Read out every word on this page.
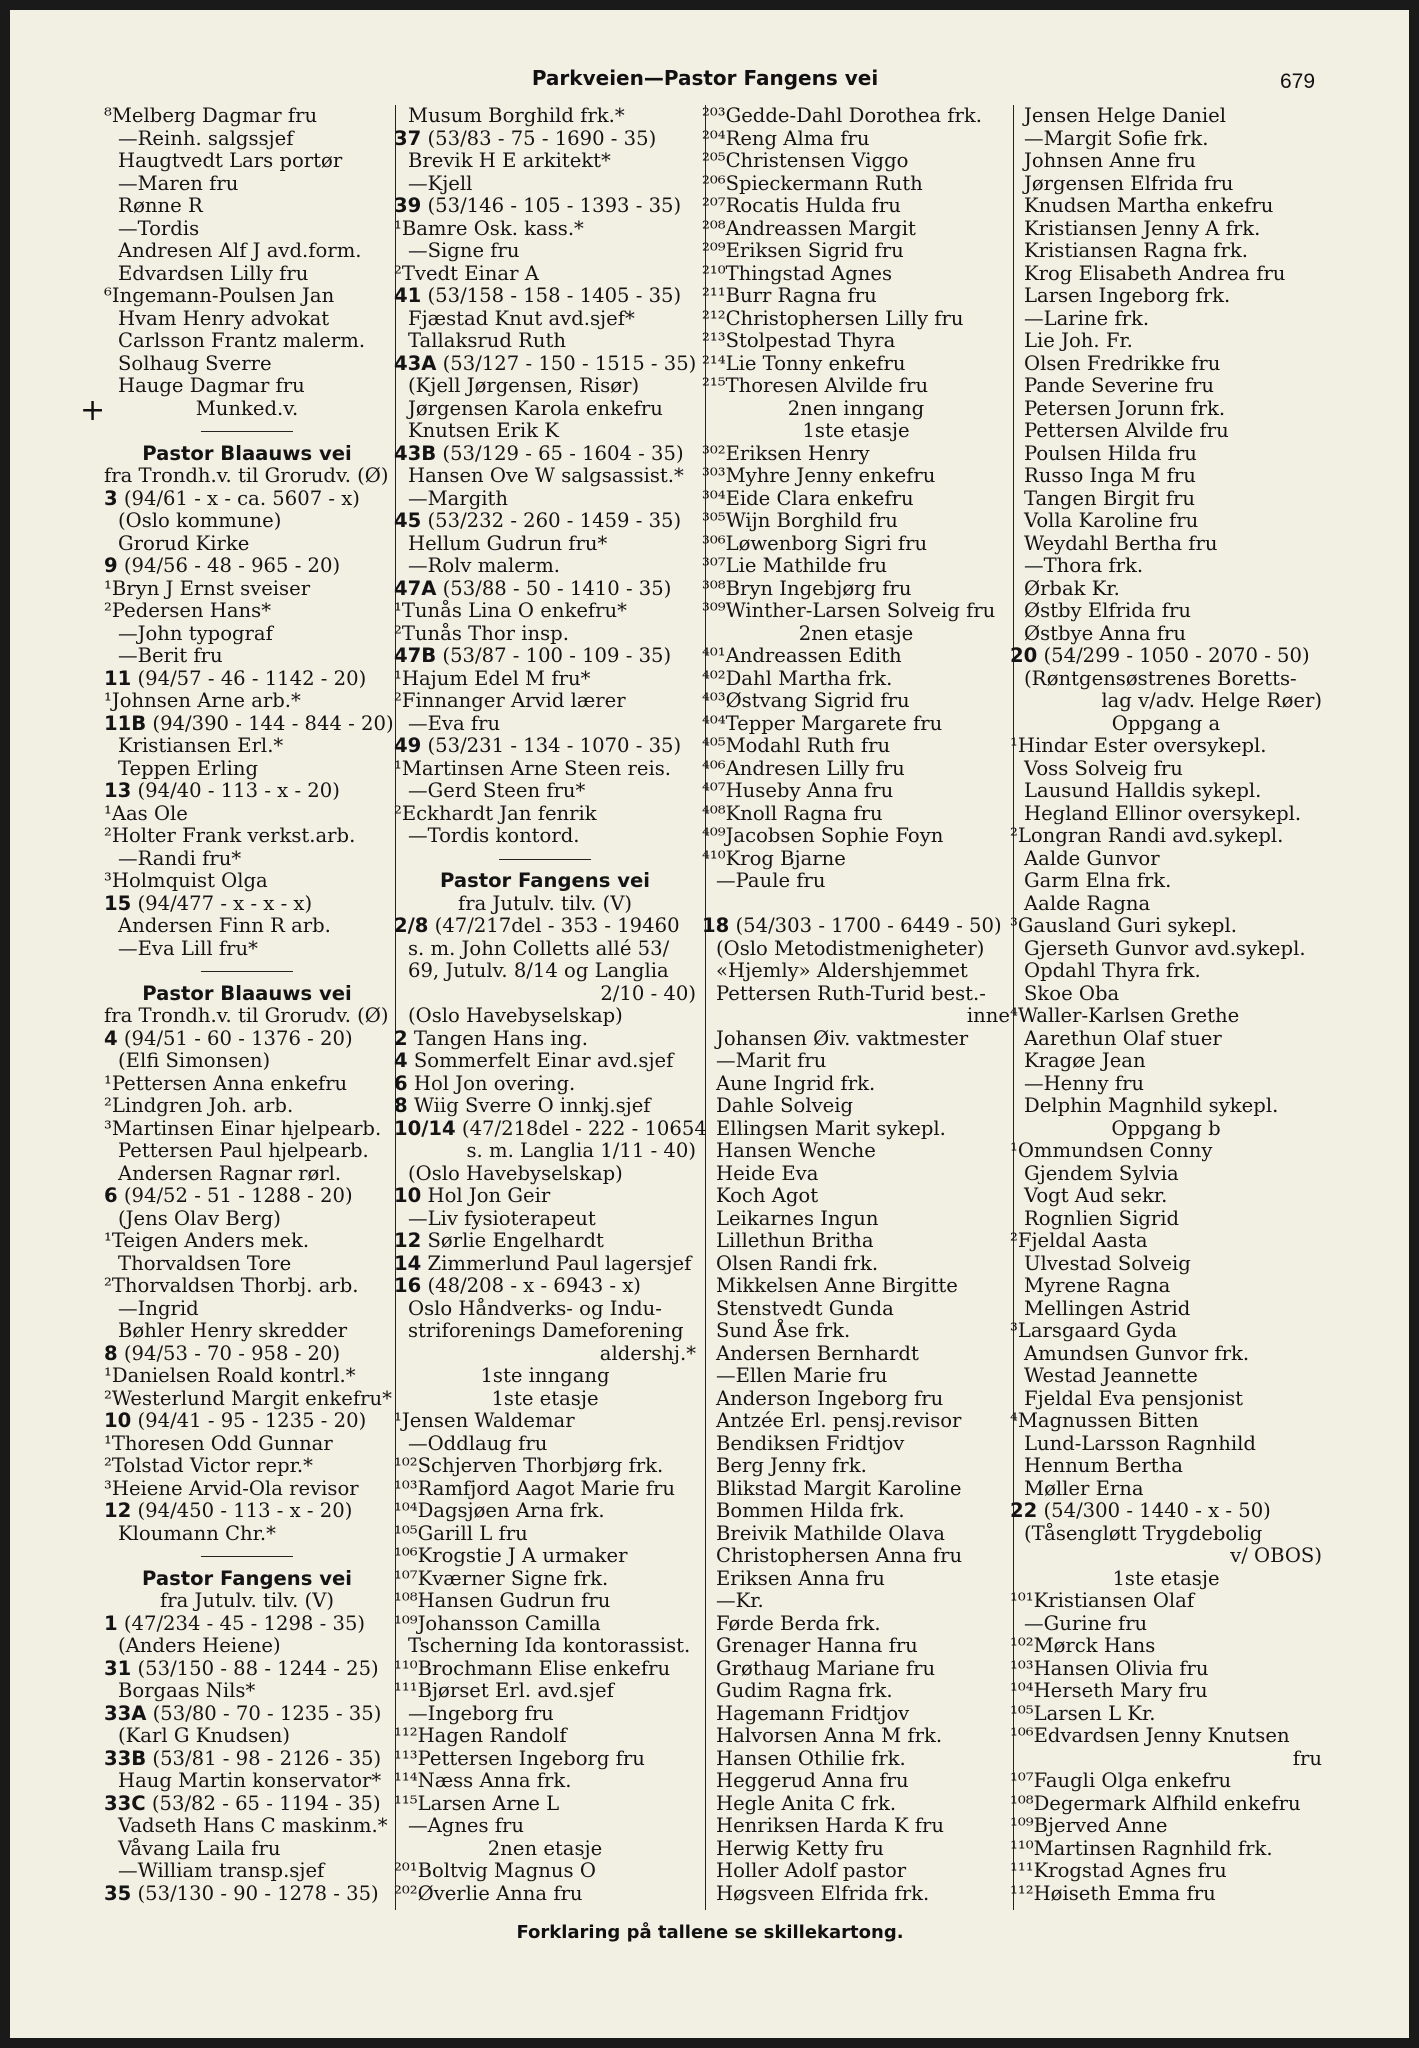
Parkveien—Pastor Fangens vei	679
+
⁸Melberg Dagmar fru
—Reinh. salgssjef
Haugtvedt Lars portør
—Maren fru
Rønne R
—Tordis
Andresen Alf J avd.form.
Edvardsen Lilly fru
⁶Ingemann-Poulsen Jan
Hvam Henry advokat
Carlsson Frantz malerm.
Solhaug Sverre
Hauge Dagmar fru
Munked.v.
Pastor Blaauws vei
fra Trondh.v. til Grorudv. (Ø)
3 (94/61 - x - ca. 5607 - x)
(Oslo kommune)
Grorud Kirke
9 (94/56 - 48 - 965 - 20)
¹Bryn J Ernst sveiser
²Pedersen Hans*
—John typograf
—Berit fru
11 (94/57 - 46 - 1142 - 20)
¹Johnsen Arne arb.*
11B (94/390 - 144 - 844 - 20)
Kristiansen Erl.*
Teppen Erling
13 (94/40 - 113 - x - 20)
¹Aas Ole
²Holter Frank verkst.arb.
—Randi fru*
³Holmquist Olga
15 (94/477 - x - x - x)
Andersen Finn R arb.
—Eva Lill fru*
Pastor Blaauws vei
fra Trondh.v. til Grorudv. (Ø)
4 (94/51 - 60 - 1376 - 20)
(Elfi Simonsen)
¹Pettersen Anna enkefru
²Lindgren Joh. arb.
³Martinsen Einar hjelpearb.
Pettersen Paul hjelpearb.
Andersen Ragnar rørl.
6 (94/52 - 51 - 1288 - 20)
(Jens Olav Berg)
¹Teigen Anders mek.
Thorvaldsen Tore
²Thorvaldsen Thorbj. arb.
—Ingrid
Bøhler Henry skredder
8 (94/53 - 70 - 958 - 20)
¹Danielsen Roald kontrl.*
²Westerlund Margit enkefru*
10 (94/41 - 95 - 1235 - 20)
¹Thoresen Odd Gunnar
²Tolstad Victor repr.*
³Heiene Arvid-Ola revisor
12 (94/450 - 113 - x - 20)
Kloumann Chr.*
Pastor Fangens vei
fra Jutulv. tilv. (V)
1 (47/234 - 45 - 1298 - 35)
(Anders Heiene)
31 (53/150 - 88 - 1244 - 25)
Borgaas Nils*
33A (53/80 - 70 - 1235 - 35)
(Karl G Knudsen)
33B (53/81 - 98 - 2126 - 35)
Haug Martin konservator*
33C (53/82 - 65 - 1194 - 35)
Vadseth Hans C maskinm.*
Våvang Laila fru
—William transp.sjef
35 (53/130 - 90 - 1278 - 35)
Musum Borghild frk.*
37 (53/83 - 75 - 1690 - 35)
Brevik H E arkitekt*
—Kjell
39 (53/146 - 105 - 1393 - 35)
¹Bamre Osk. kass.*
—Signe fru
²Tvedt Einar A
41 (53/158 - 158 - 1405 - 35)
Fjæstad Knut avd.sjef*
Tallaksrud Ruth
43A (53/127 - 150 - 1515 - 35)
(Kjell Jørgensen, Risør)
Jørgensen Karola enkefru
Knutsen Erik K
43B (53/129 - 65 - 1604 - 35)
Hansen Ove W salgsassist.*
—Margith
45 (53/232 - 260 - 1459 - 35)
Hellum Gudrun fru*
—Rolv malerm.
47A (53/88 - 50 - 1410 - 35)
¹Tunås Lina O enkefru*
²Tunås Thor insp.
47B (53/87 - 100 - 109 - 35)
¹Hajum Edel M fru*
²Finnanger Arvid lærer
—Eva fru
49 (53/231 - 134 - 1070 - 35)
¹Martinsen Arne Steen reis.
—Gerd Steen fru*
²Eckhardt Jan fenrik
—Tordis kontord.
Pastor Fangens vei
fra Jutulv. tilv. (V)
2/8 (47/217del - 353 - 19460
s. m. John Colletts allé 53/
69, Jutulv. 8/14 og Langlia
2/10 - 40)
(Oslo Havebyselskap)
2 Tangen Hans ing.
4 Sommerfelt Einar avd.sjef
6 Hol Jon overing.
8 Wiig Sverre O innkj.sjef
10/14 (47/218del - 222 - 10654
s. m. Langlia 1/11 - 40)
(Oslo Havebyselskap)
10 Hol Jon Geir
—Liv fysioterapeut
12 Sørlie Engelhardt
14 Zimmerlund Paul lagersjef
16 (48/208 - x - 6943 - x)
Oslo Håndverks- og Indu-
striforenings Dameforening
aldershj.*
1ste inngang
1ste etasje
¹Jensen Waldemar
—Oddlaug fru
¹⁰²Schjerven Thorbjørg frk.
¹⁰³Ramfjord Aagot Marie fru
¹⁰⁴Dagsjøen Arna frk.
¹⁰⁵Garill L fru
¹⁰⁶Krogstie J A urmaker
¹⁰⁷Kværner Signe frk.
¹⁰⁸Hansen Gudrun fru
¹⁰⁹Johansson Camilla
Tscherning Ida kontorassist.
¹¹⁰Brochmann Elise enkefru
¹¹¹Bjørset Erl. avd.sjef
—Ingeborg fru
¹¹²Hagen Randolf
¹¹³Pettersen Ingeborg fru
¹¹⁴Næss Anna frk.
¹¹⁵Larsen Arne L
—Agnes fru
2nen etasje
²⁰¹Boltvig Magnus O
²⁰²Øverlie Anna fru
²⁰³Gedde-Dahl Dorothea frk.
²⁰⁴Reng Alma fru
²⁰⁵Christensen Viggo
²⁰⁶Spieckermann Ruth
²⁰⁷Rocatis Hulda fru
²⁰⁸Andreassen Margit
²⁰⁹Eriksen Sigrid fru
²¹⁰Thingstad Agnes
²¹¹Burr Ragna fru
²¹²Christophersen Lilly fru
²¹³Stolpestad Thyra
²¹⁴Lie Tonny enkefru
²¹⁵Thoresen Alvilde fru
2nen inngang
1ste etasje
³⁰²Eriksen Henry
³⁰³Myhre Jenny enkefru
³⁰⁴Eide Clara enkefru
³⁰⁵Wijn Borghild fru
³⁰⁶Løwenborg Sigri fru
³⁰⁷Lie Mathilde fru
³⁰⁸Bryn Ingebjørg fru
³⁰⁹Winther-Larsen Solveig fru
2nen etasje
⁴⁰¹Andreassen Edith
⁴⁰²Dahl Martha frk.
⁴⁰³Østvang Sigrid fru
⁴⁰⁴Tepper Margarete fru
⁴⁰⁵Modahl Ruth fru
⁴⁰⁶Andresen Lilly fru
⁴⁰⁷Huseby Anna fru
⁴⁰⁸Knoll Ragna fru
⁴⁰⁹Jacobsen Sophie Foyn
⁴¹⁰Krog Bjarne
—Paule fru
18 (54/303 - 1700 - 6449 - 50)
(Oslo Metodistmenigheter)
«Hjemly» Aldershjemmet
Pettersen Ruth-Turid best.-
inne
Johansen Øiv. vaktmester
—Marit fru
Aune Ingrid frk.
Dahle Solveig
Ellingsen Marit sykepl.
Hansen Wenche
Heide Eva
Koch Agot
Leikarnes Ingun
Lillethun Britha
Olsen Randi frk.
Mikkelsen Anne Birgitte
Stenstvedt Gunda
Sund Åse frk.
Andersen Bernhardt
—Ellen Marie fru
Anderson Ingeborg fru
Antzée Erl. pensj.revisor
Bendiksen Fridtjov
Berg Jenny frk.
Blikstad Margit Karoline
Bommen Hilda frk.
Breivik Mathilde Olava
Christophersen Anna fru
Eriksen Anna fru
—Kr.
Førde Berda frk.
Grenager Hanna fru
Grøthaug Mariane fru
Gudim Ragna frk.
Hagemann Fridtjov
Halvorsen Anna M frk.
Hansen Othilie frk.
Heggerud Anna fru
Hegle Anita C frk.
Henriksen Harda K fru
Herwig Ketty fru
Holler Adolf pastor
Høgsveen Elfrida frk.
Jensen Helge Daniel
—Margit Sofie frk.
Johnsen Anne fru
Jørgensen Elfrida fru
Knudsen Martha enkefru
Kristiansen Jenny A frk.
Kristiansen Ragna frk.
Krog Elisabeth Andrea fru
Larsen Ingeborg frk.
—Larine frk.
Lie Joh. Fr.
Olsen Fredrikke fru
Pande Severine fru
Petersen Jorunn frk.
Pettersen Alvilde fru
Poulsen Hilda fru
Russo Inga M fru
Tangen Birgit fru
Volla Karoline fru
Weydahl Bertha fru
—Thora frk.
Ørbak Kr.
Østby Elfrida fru
Østbye Anna fru
20 (54/299 - 1050 - 2070 - 50)
(Røntgensøstrenes Boretts-
lag v/adv. Helge Røer)
Oppgang a
¹Hindar Ester oversykepl.
Voss Solveig fru
Lausund Halldis sykepl.
Hegland Ellinor oversykepl.
²Longran Randi avd.sykepl.
Aalde Gunvor
Garm Elna frk.
Aalde Ragna
³Gausland Guri sykepl.
Gjerseth Gunvor avd.sykepl.
Opdahl Thyra frk.
Skoe Oba
⁴Waller-Karlsen Grethe
Aarethun Olaf stuer
Kragøe Jean
—Henny fru
Delphin Magnhild sykepl.
Oppgang b
¹Ommundsen Conny
Gjendem Sylvia
Vogt Aud sekr.
Rognlien Sigrid
²Fjeldal Aasta
Ulvestad Solveig
Myrene Ragna
Mellingen Astrid
³Larsgaard Gyda
Amundsen Gunvor frk.
Westad Jeannette
Fjeldal Eva pensjonist
⁴Magnussen Bitten
Lund-Larsson Ragnhild
Hennum Bertha
Møller Erna
22 (54/300 - 1440 - x - 50)
(Tåsengløtt Trygdebolig
v/ OBOS)
1ste etasje
¹⁰¹Kristiansen Olaf
—Gurine fru
¹⁰²Mørck Hans
¹⁰³Hansen Olivia fru
¹⁰⁴Herseth Mary fru
¹⁰⁵Larsen L Kr.
¹⁰⁶Edvardsen Jenny Knutsen
fru
¹⁰⁷Faugli Olga enkefru
¹⁰⁸Degermark Alfhild enkefru
¹⁰⁹Bjerved Anne
¹¹⁰Martinsen Ragnhild frk.
¹¹¹Krogstad Agnes fru
¹¹²Høiseth Emma fru
Forklaring på tallene se skillekartong.
